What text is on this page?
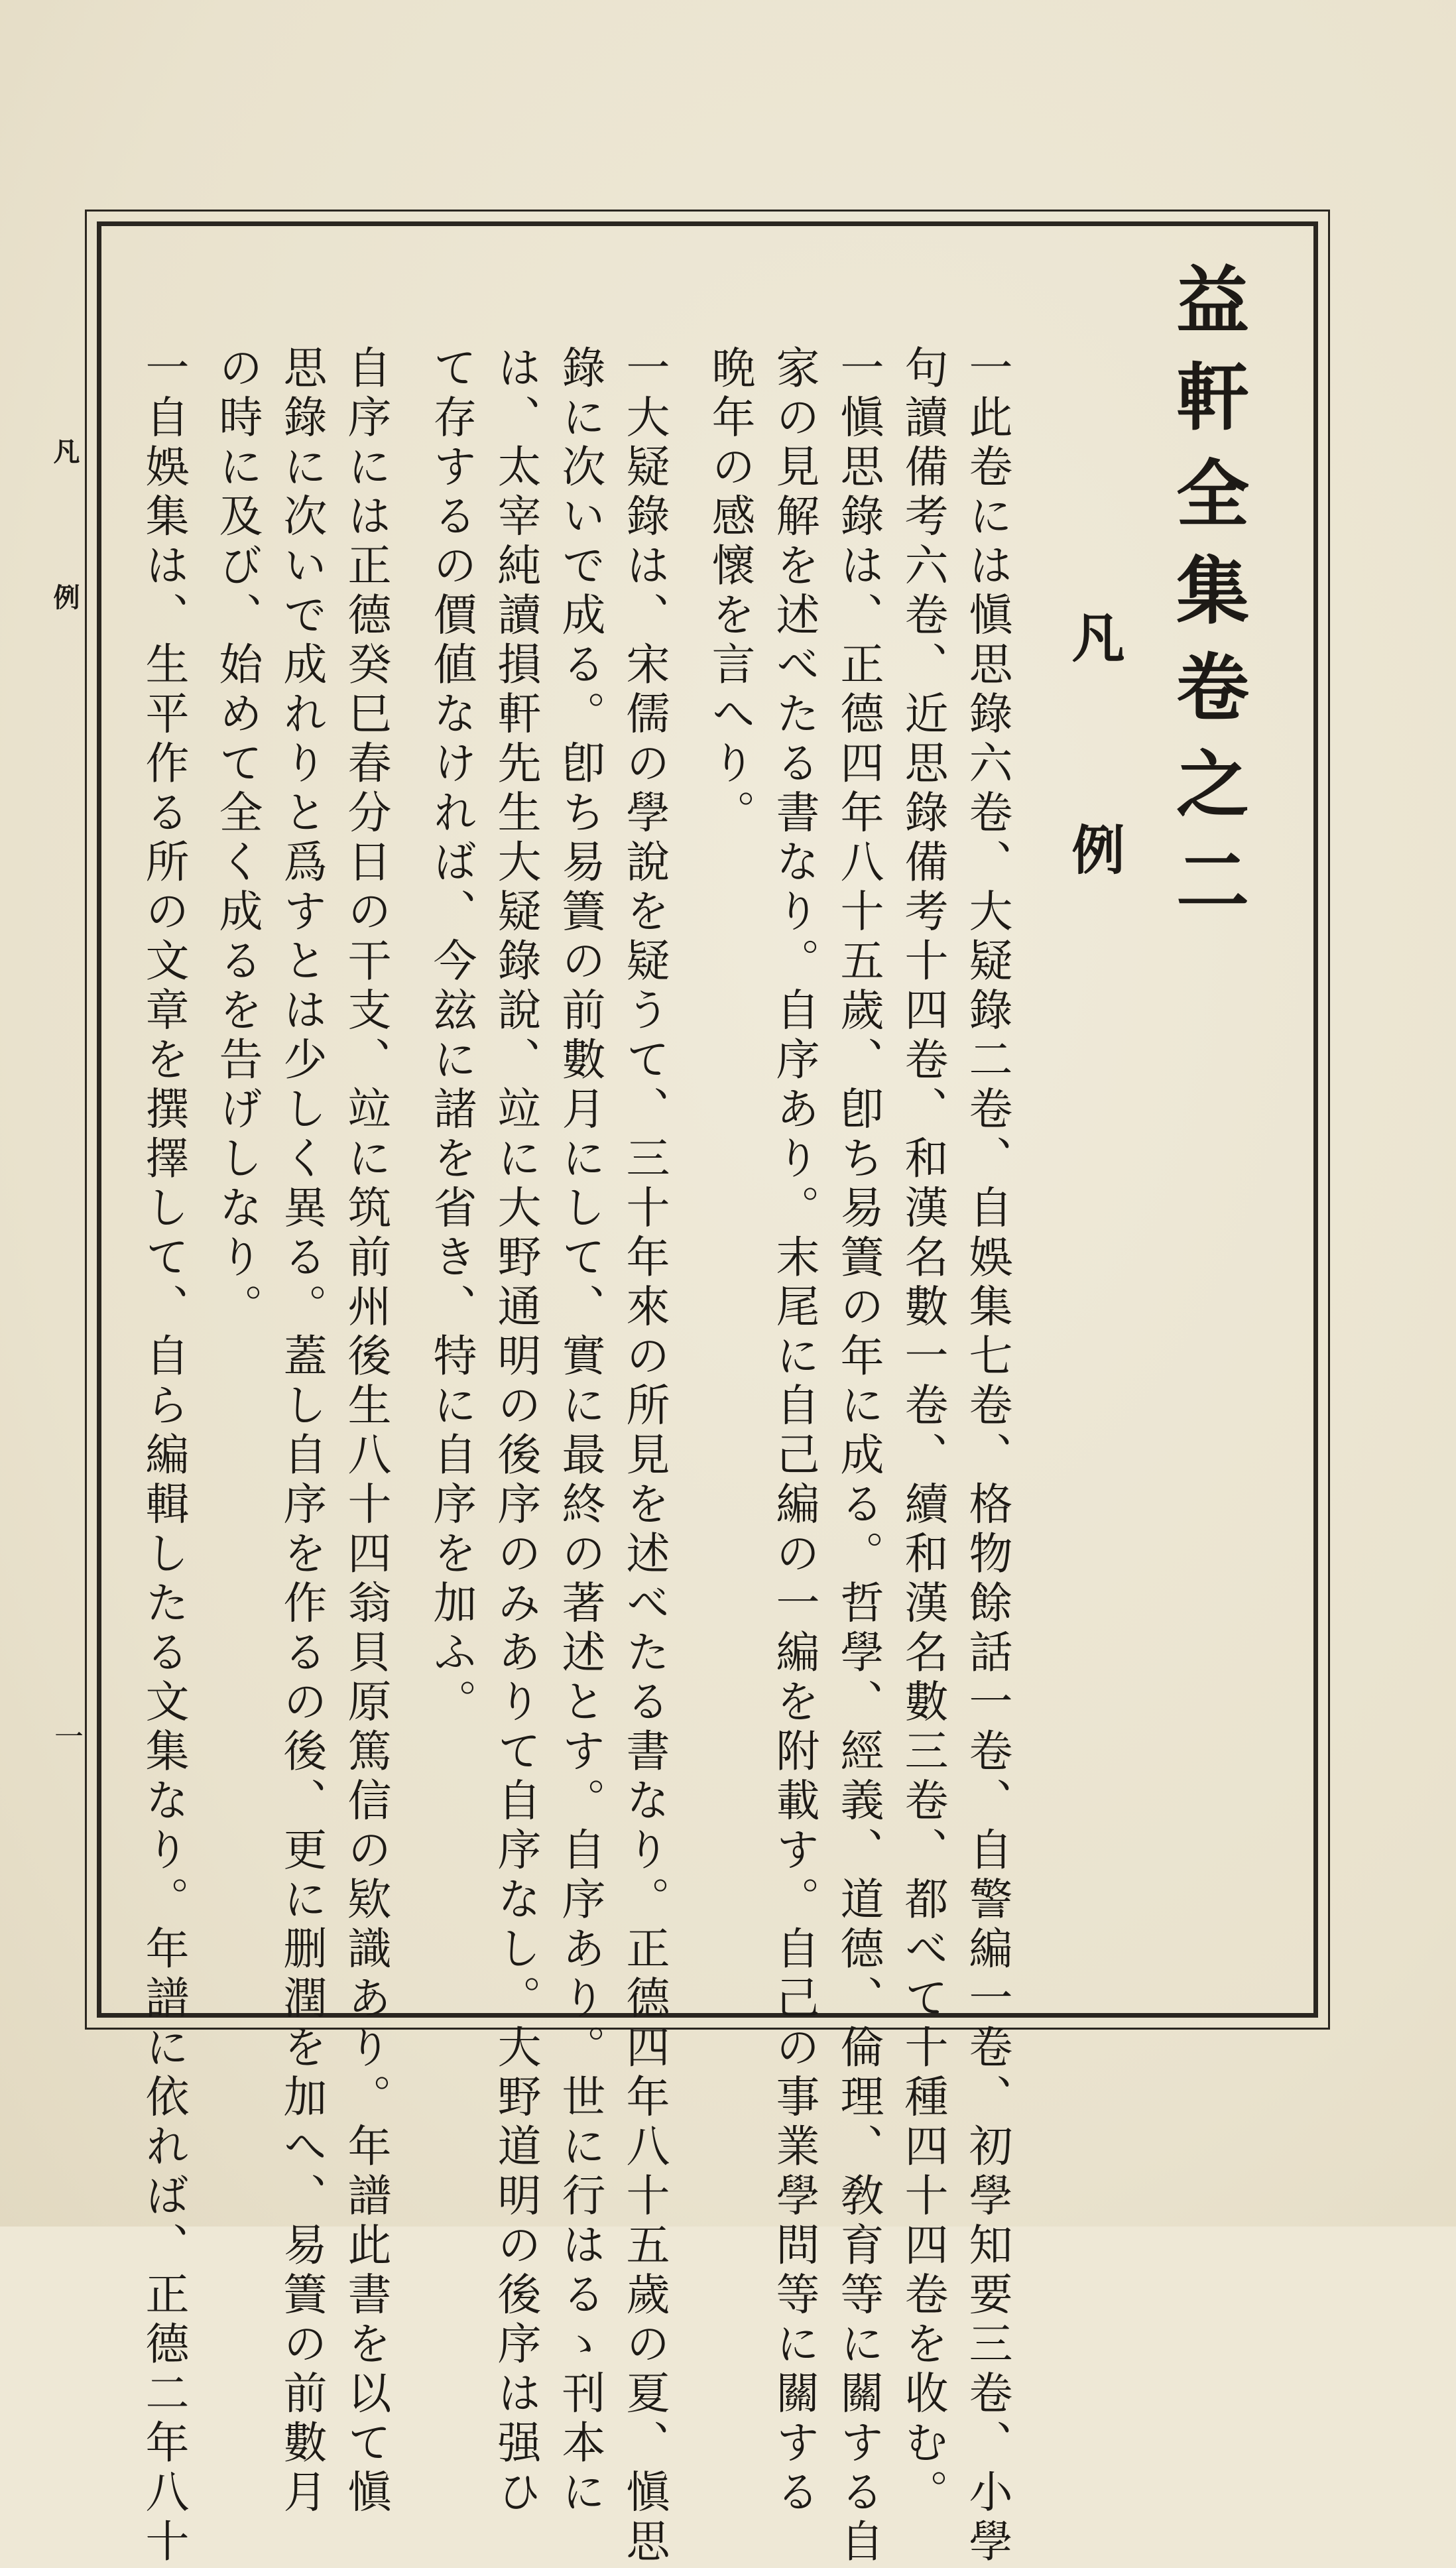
益軒全集卷之二
凡　例
一此卷には愼思錄六卷、大疑錄二卷、自娛集七卷、格物餘話一卷、自警編一卷、初學知要三卷、小學
句讀備考六卷、近思錄備考十四卷、和漢名數一卷、續和漢名數三卷、都べて十種四十四卷を收む。
一愼思錄は、正德四年八十五歲、卽ち易簀の年に成る。哲學、經義、道德、倫理、敎育等に關する自
家の見解を述べたる書なり。自序あり。末尾に自己編の一編を附載す。自己の事業學問等に關する
晩年の感懷を言へり。
一大疑錄は、宋儒の學說を疑うて、三十年來の所見を述べたる書なり。正德四年八十五歲の夏、愼思
錄に次いで成る。卽ち易簀の前數月にして、實に最終の著述とす。自序あり。世に行はるゝ刊本に
は、太宰純讀損軒先生大疑錄說、竝に大野通明の後序のみありて自序なし。大野道明の後序は强ひ
て存するの價値なければ、今玆に諸を省き、特に自序を加ふ。
自序には正德癸巳春分日の干支、竝に筑前州後生八十四翁貝原篤信の欵識あり。年譜此書を以て愼
思錄に次いで成れりと爲すとは少しく異る。蓋し自序を作るの後、更に删潤を加へ、易簀の前數月
の時に及び、始めて全く成るを告げしなり。
一自娛集は、生平作る所の文章を撰擇して、自ら編輯したる文集なり。年譜に依れば、正德二年八十
凡　例
一
